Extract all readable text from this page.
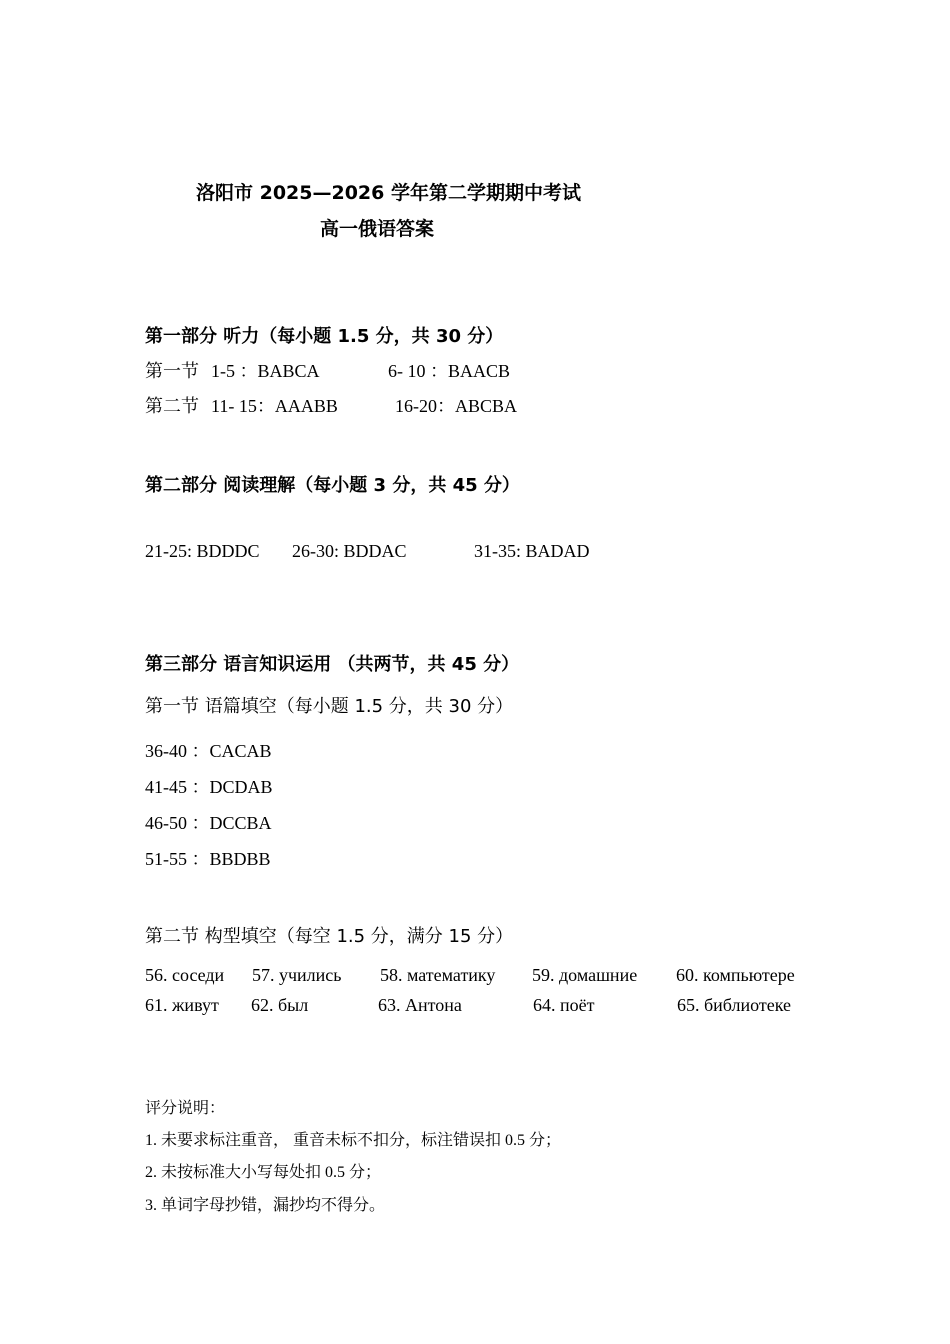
洛阳市 2025—2026 学年第二学期期中考试
高一俄语答案
第一部分 听力（每小题 1.5 分，共 30 分）
第一节 1-5 ：BABCA	6- 10 ：BAACB
第二节 11- 15：AAABB	16-20：ABCBA
第二部分 阅读理解（每小题 3 分，共 45 分）
21-25: BDDDC 26-30: BDDAC	31-35: BADAD
第三部分 语言知识运用 （共两节，共 45 分）
第一节 语篇填空（每小题 1.5 分，共 30 分）
36-40 ：CACAB
41-45 ：DCDAB
46-50 ：DCCBA
51-55 ：BBDBB
第二节 构型填空（每空 1.5 分，满分 15 分）
56. соседи 57. учились 58. математику 59. домашние 60. компьютере
61. живут 62. был	63. Антона	64. поёт	65. библиотеке
评分说明：
1. 未要求标注重音， 重音未标不扣分，标注错误扣 0.5 分；
2. 未按标准大小写每处扣 0.5 分；
3. 单词字母抄错，漏抄均不得分。
